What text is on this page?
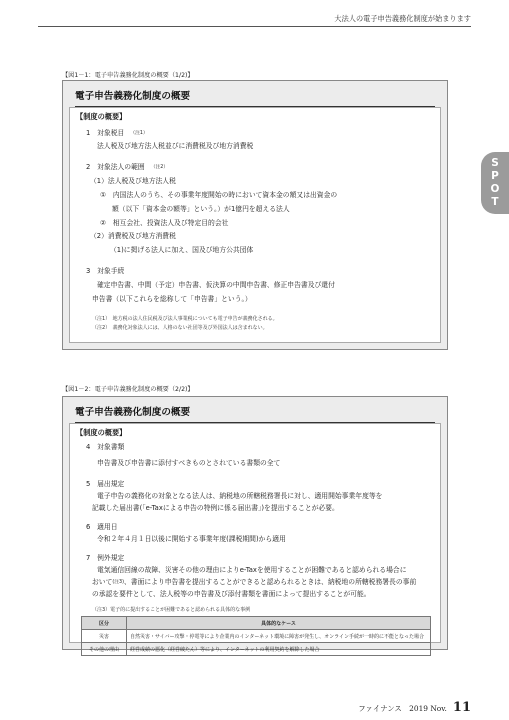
大法人の電子申告義務化制度が始まります
S
P
O
T
【図1－1：電子申告義務化制度の概要（1/2)】
電子申告義務化制度の概要
【制度の概要】
1　対象税目 $^{(注1)}$
法人税及び地方法人税並びに消費税及び地方消費税
2　対象法人の範囲 $^{(注2)}$
（1）法人税及び地方法人税
①　内国法人のうち、その事業年度開始の時において資本金の額又は出資金の
額（以下「資本金の額等」という。）が1億円を超える法人
②　相互会社、投資法人及び特定目的会社
（2）消費税及び地方消費税
（1)に掲げる法人に加え、国及び地方公共団体
3　対象手続
確定申告書、中間（予定）申告書、仮決算の中間申告書、修正申告書及び還付
申告書（以下これらを総称して「申告書」という。）
（注1）　地方税の法人住民税及び法人事業税についても電子申告が義務化される。
（注2）　義務化対象法人には、人格のない社団等及び外国法人は含まれない。
【図1－2：電子申告義務化制度の概要（2/2)】
電子申告義務化制度の概要
【制度の概要】
4　対象書類
申告書及び申告書に添付すべきものとされている書類の全て
5　届出規定
電子申告の義務化の対象となる法人は、納税地の所轄税務署長に対し、適用開始事業年度等を
記載した届出書(「e-Taxによる申告の特例に係る届出書」)を提出することが必要。
6　適用日
令和２年４月１日以後に開始する事業年度(課税期間)から適用
7　例外規定
電気通信回線の故障、災害その他の理由によりe-Taxを使用することが困難であると認められる場合に
おいて$^{(注3)}$、書面により申告書を提出することができると認められるときは、納税地の所轄税務署長の事前
の承認を要件として、法人税等の申告書及び添付書類を書面によって提出することが可能。
（注3）電子的に提出することが困難であると認められる具体的な事例
区分	具体的なケース
災害	自然災害・サイバー攻撃・停電等により企業内のインターネット環境に障害が発生し、オンライン手続が一時的に不能となった場合
その他の理由	経営成績の悪化（経営破たん）等により、インターネットの利用契約を解除した場合
ファイナンス　2019 Nov. 11
